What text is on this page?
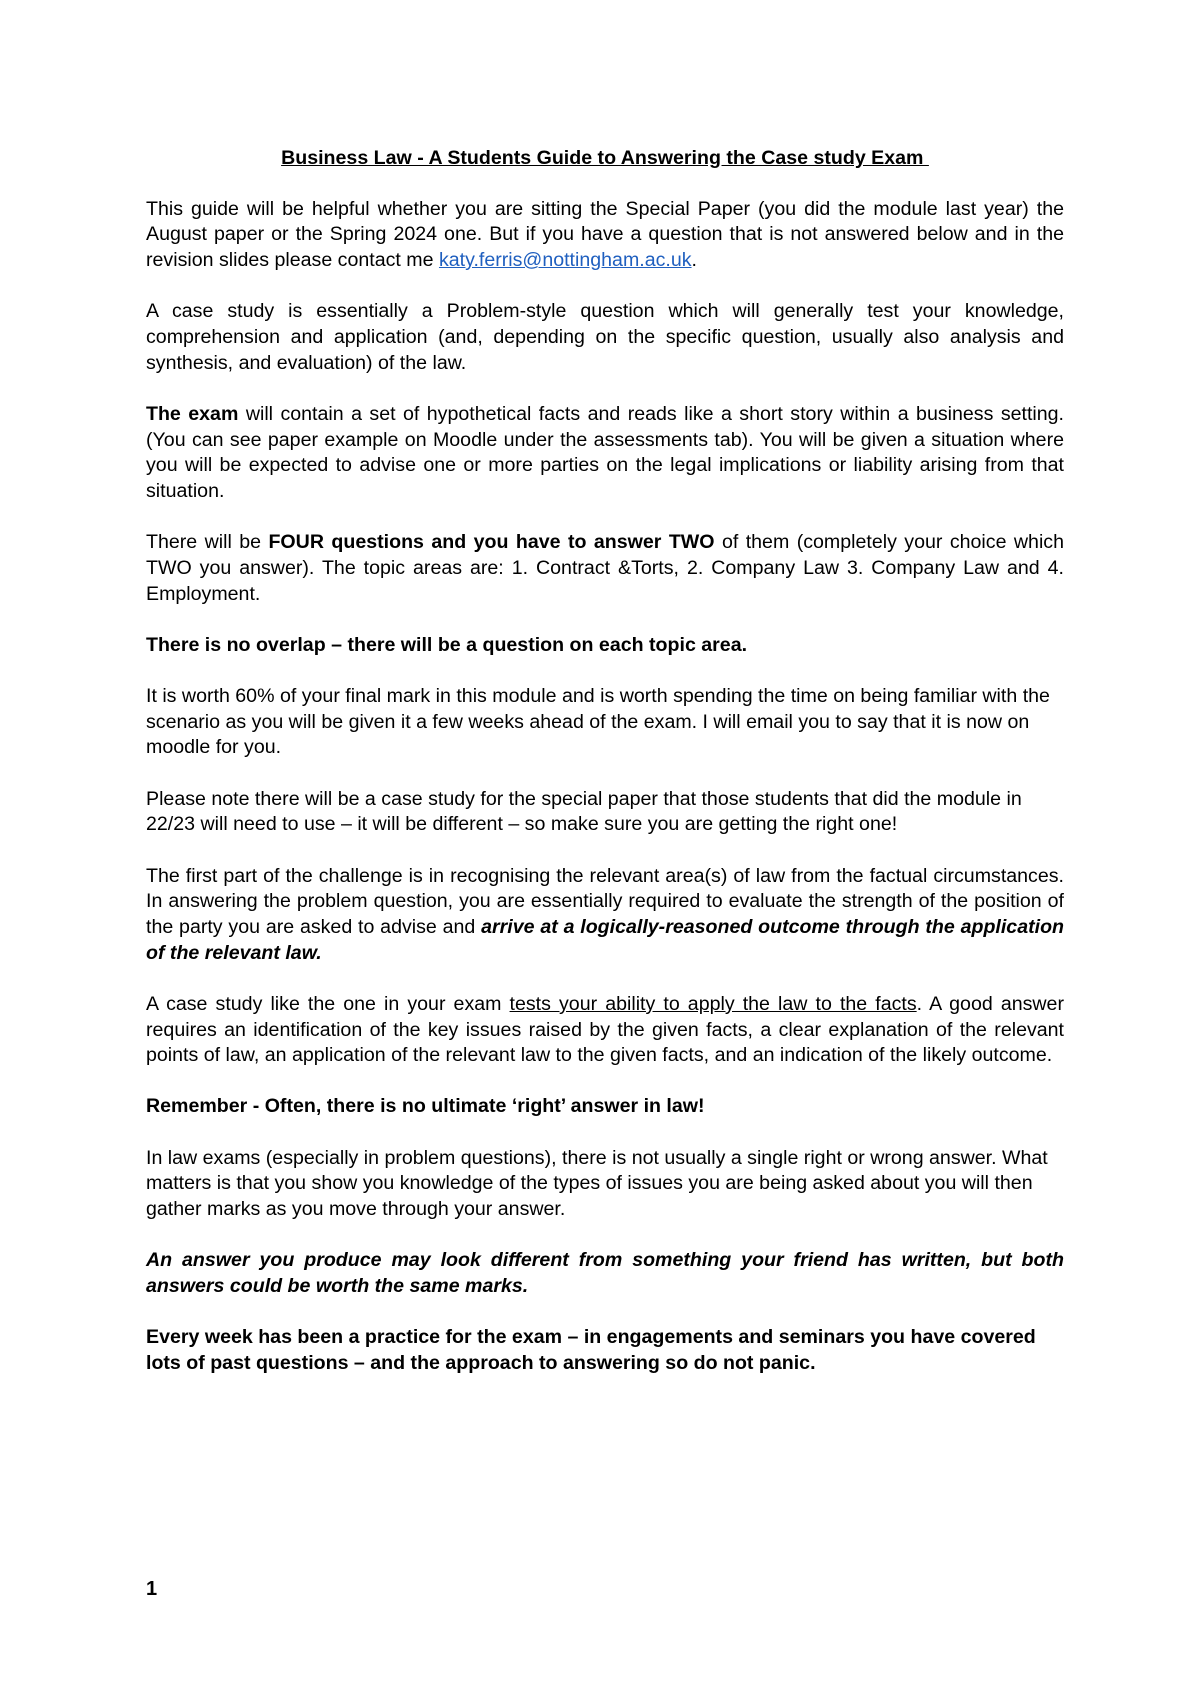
Business Law - A Students Guide to Answering the Case study Exam

This guide will be helpful whether you are sitting the Special Paper (you did the module last year) the August paper or the Spring 2024 one. But if you have a question that is not answered below and in the revision slides please contact me katy.ferris@nottingham.ac.uk.

A case study is essentially a Problem-style question which will generally test your knowledge, comprehension and application (and, depending on the specific question, usually also analysis and synthesis, and evaluation) of the law.

The exam will contain a set of hypothetical facts and reads like a short story within a business setting. (You can see paper example on Moodle under the assessments tab). You will be given a situation where you will be expected to advise one or more parties on the legal implications or liability arising from that situation.

There will be FOUR questions and you have to answer TWO of them (completely your choice which TWO you answer). The topic areas are: 1. Contract &Torts, 2. Company Law 3. Company Law and 4. Employment.

There is no overlap – there will be a question on each topic area.

It is worth 60% of your final mark in this module and is worth spending the time on being familiar with the scenario as you will be given it a few weeks ahead of the exam. I will email you to say that it is now on moodle for you.

Please note there will be a case study for the special paper that those students that did the module in 22/23 will need to use – it will be different – so make sure you are getting the right one!

The first part of the challenge is in recognising the relevant area(s) of law from the factual circumstances. In answering the problem question, you are essentially required to evaluate the strength of the position of the party you are asked to advise and arrive at a logically-reasoned outcome through the application of the relevant law.

A case study like the one in your exam tests your ability to apply the law to the facts. A good answer requires an identification of the key issues raised by the given facts, a clear explanation of the relevant points of law, an application of the relevant law to the given facts, and an indication of the likely outcome.

Remember - Often, there is no ultimate ‘right’ answer in law!

In law exams (especially in problem questions), there is not usually a single right or wrong answer. What matters is that you show you knowledge of the types of issues you are being asked about you will then gather marks as you move through your answer.

An answer you produce may look different from something your friend has written, but both answers could be worth the same marks.

Every week has been a practice for the exam – in engagements and seminars you have covered lots of past questions – and the approach to answering so do not panic.

1
